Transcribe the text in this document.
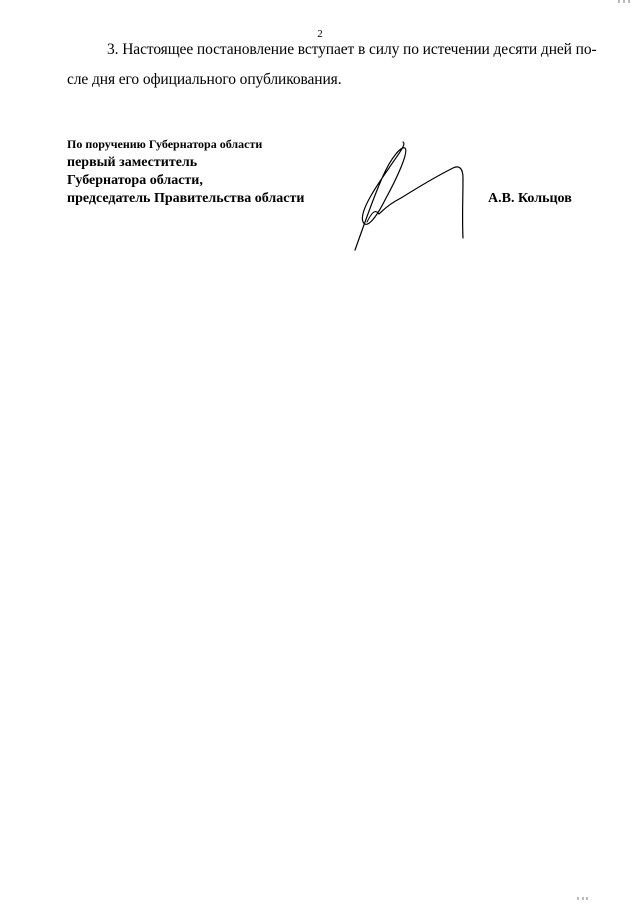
2
3. Настоящее постановление вступает в силу по истечении десяти дней по-
сле дня его официального опубликования.
По поручению Губернатора области
первый заместитель
Губернатора области,
председатель Правительства области	А.В. Кольцов
